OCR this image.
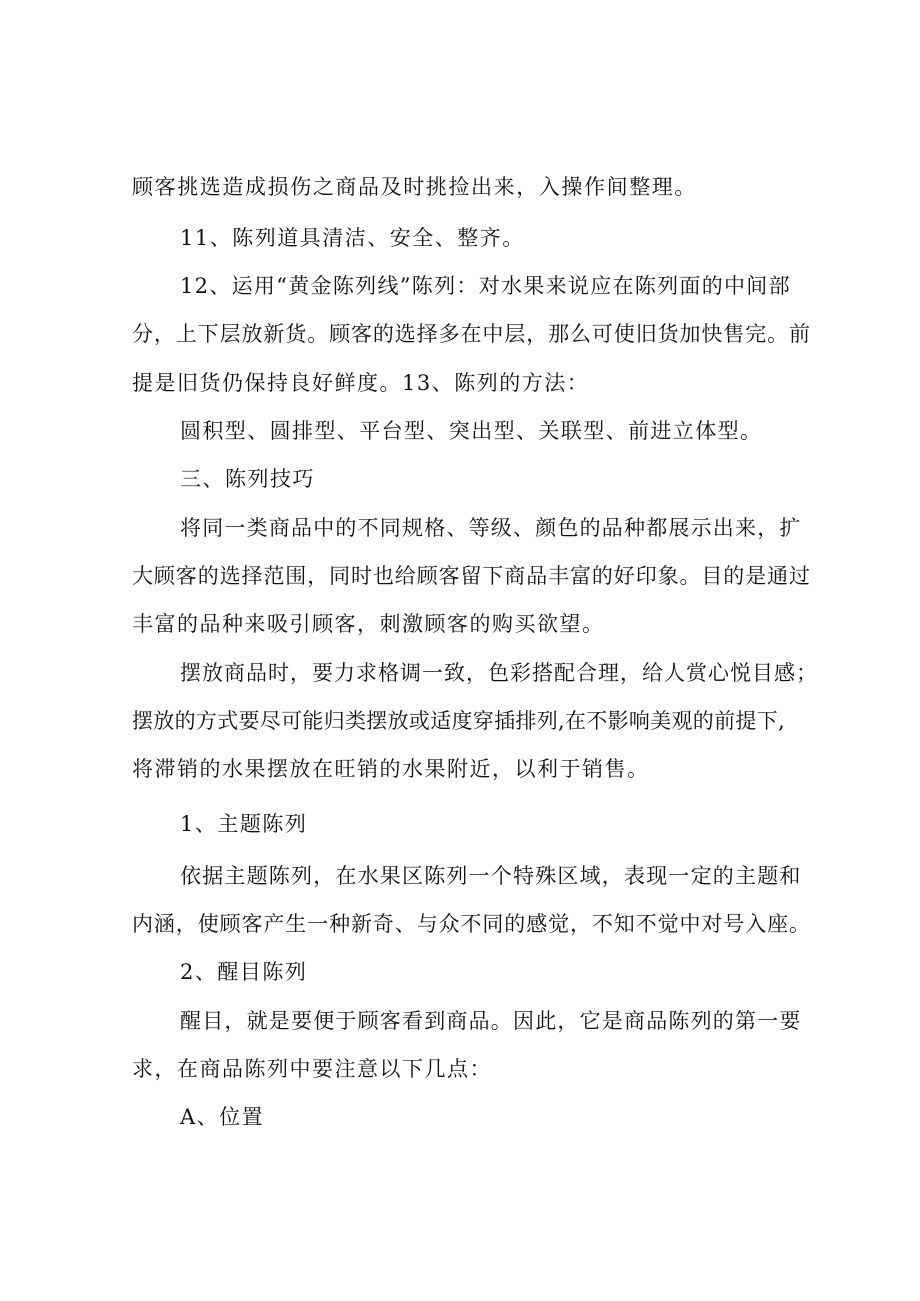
顾客挑选造成损伤之商品及时挑捡出来，入操作间整理。
11、陈列道具清洁、安全、整齐。
12、运用“黄金陈列线”陈列：对水果来说应在陈列面的中间部
分，上下层放新货。顾客的选择多在中层，那么可使旧货加快售完。前
提是旧货仍保持良好鲜度。13、陈列的方法：
圆积型、圆排型、平台型、突出型、关联型、前进立体型。
三、陈列技巧
将同一类商品中的不同规格、等级、颜色的品种都展示出来，扩
大顾客的选择范围，同时也给顾客留下商品丰富的好印象。目的是通过
丰富的品种来吸引顾客，刺激顾客的购买欲望。
摆放商品时，要力求格调一致，色彩搭配合理，给人赏心悦目感；
摆放的方式要尽可能归类摆放或适度穿插排列,在不影响美观的前提下,
将滞销的水果摆放在旺销的水果附近，以利于销售。
1、主题陈列
依据主题陈列，在水果区陈列一个特殊区域，表现一定的主题和
内涵，使顾客产生一种新奇、与众不同的感觉，不知不觉中对号入座。
2、醒目陈列
醒目，就是要便于顾客看到商品。因此，它是商品陈列的第一要
求，在商品陈列中要注意以下几点：
A、位置
